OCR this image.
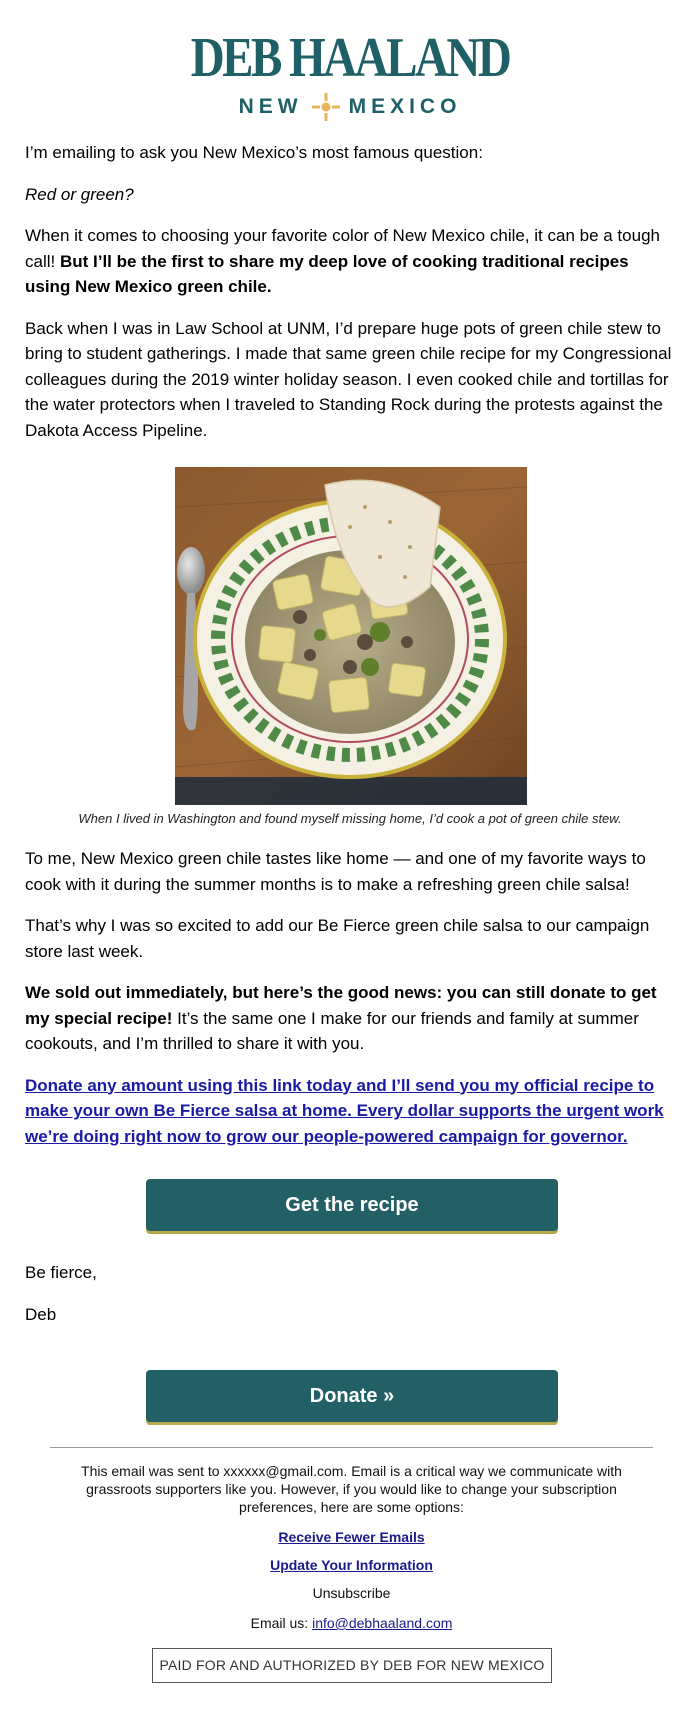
DEB HAALAND
NEW MEXICO

I’m emailing to ask you New Mexico’s most famous question:

Red or green?

When it comes to choosing your favorite color of New Mexico chile, it can be a tough call! But I’ll be the first to share my deep love of cooking traditional recipes using New Mexico green chile.

Back when I was in Law School at UNM, I’d prepare huge pots of green chile stew to bring to student gatherings. I made that same green chile recipe for my Congressional colleagues during the 2019 winter holiday season. I even cooked chile and tortillas for the water protectors when I traveled to Standing Rock during the protests against the Dakota Access Pipeline.

When I lived in Washington and found myself missing home, I’d cook a pot of green chile stew.

To me, New Mexico green chile tastes like home — and one of my favorite ways to cook with it during the summer months is to make a refreshing green chile salsa!

That’s why I was so excited to add our Be Fierce green chile salsa to our campaign store last week.

We sold out immediately, but here’s the good news: you can still donate to get my special recipe! It’s the same one I make for our friends and family at summer cookouts, and I’m thrilled to share it with you.

Donate any amount using this link today and I’ll send you my official recipe to make your own Be Fierce salsa at home. Every dollar supports the urgent work we’re doing right now to grow our people-powered campaign for governor.

Get the recipe

Be fierce,

Deb

Donate »
This email was sent to xxxxxx@gmail.com. Email is a critical way we communicate with grassroots supporters like you. However, if you would like to change your subscription preferences, here are some options:
Receive Fewer Emails
Update Your Information
Unsubscribe
Email us: info@debhaaland.com
PAID FOR AND AUTHORIZED BY DEB FOR NEW MEXICO
